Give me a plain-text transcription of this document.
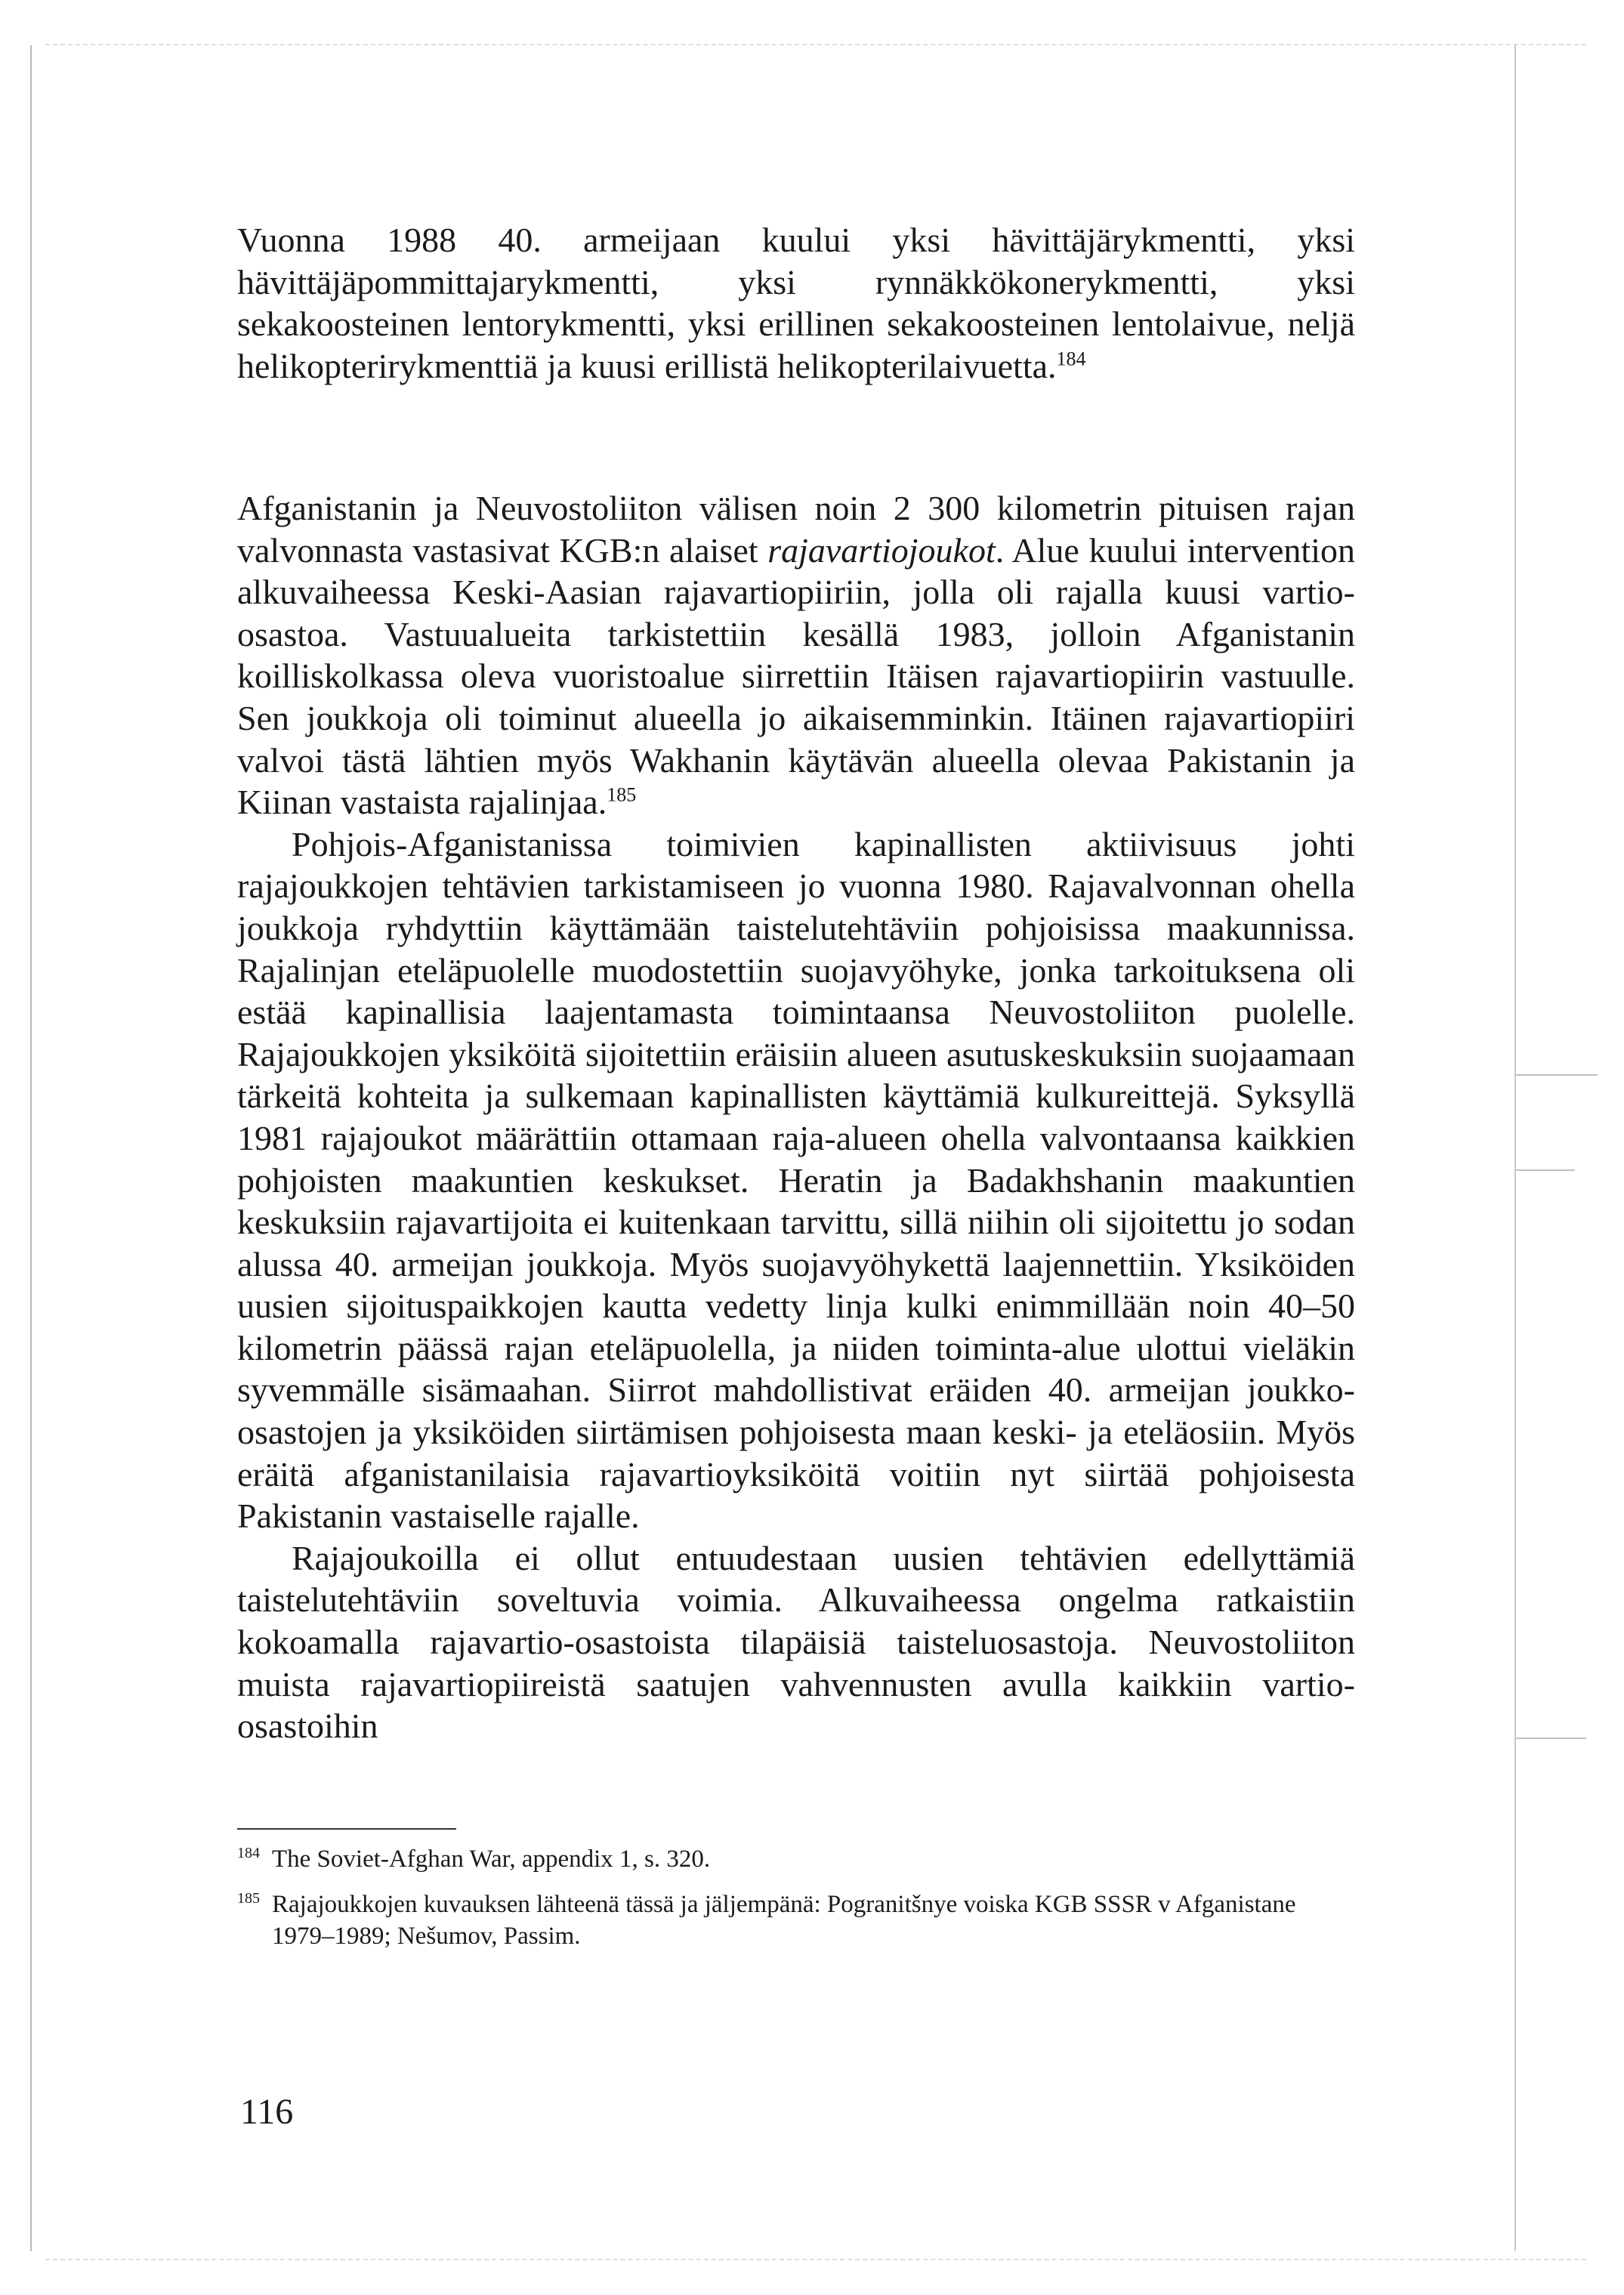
Vuonna 1988 40. armeijaan kuului yksi hävittäjärykmentti, yksi hävittäjäpommittajarykmentti, yksi rynnäkkökonerykmentti, yksi sekakoosteinen lentorykmentti, yksi erillinen sekakoosteinen lentolaivue, neljä helikopterirykmenttiä ja kuusi erillistä helikopterilaivuetta.$^{184}$

Afganistanin ja Neuvostoliiton välisen noin 2 300 kilometrin pituisen rajan valvonnasta vastasivat KGB:n alaiset rajavartiojoukot. Alue kuului intervention alkuvaiheessa Keski-Aasian rajavartiopiiriin, jolla oli rajalla kuusi vartio-osastoa. Vastuualueita tarkistettiin kesällä 1983, jolloin Afganistanin koilliskolkassa oleva vuoristoalue siirrettiin Itäisen rajavartiopiirin vastuulle. Sen joukkoja oli toiminut alueella jo aikaisemminkin. Itäinen rajavartiopiiri valvoi tästä lähtien myös Wakhanin käytävän alueella olevaa Pakistanin ja Kiinan vastaista rajalinjaa.$^{185}$

Pohjois-Afganistanissa toimivien kapinallisten aktiivisuus johti rajajoukkojen tehtävien tarkistamiseen jo vuonna 1980. Rajavalvonnan ohella joukkoja ryhdyttiin käyttämään taistelutehtäviin pohjoisissa maakunnissa. Rajalinjan eteläpuolelle muodostettiin suojavyöhyke, jonka tarkoituksena oli estää kapinallisia laajentamasta toimintaansa Neuvostoliiton puolelle. Rajajoukkojen yksiköitä sijoitettiin eräisiin alueen asutuskeskuksiin suojaamaan tärkeitä kohteita ja sulkemaan kapinallisten käyttämiä kulkureittejä. Syksyllä 1981 rajajoukot määrättiin ottamaan raja-alueen ohella valvontaansa kaikkien pohjoisten maakuntien keskukset. Heratin ja Badakhshanin maakuntien keskuksiin rajavartijoita ei kuitenkaan tarvittu, sillä niihin oli sijoitettu jo sodan alussa 40. armeijan joukkoja. Myös suojavyöhykettä laajennettiin. Yksiköiden uusien sijoituspaikkojen kautta vedetty linja kulki enimmillään noin 40–50 kilometrin päässä rajan eteläpuolella, ja niiden toiminta-alue ulottui vieläkin syvemmälle sisämaahan. Siirrot mahdollistivat eräiden 40. armeijan joukko-osastojen ja yksiköiden siirtämisen pohjoisesta maan keski- ja eteläosiin. Myös eräitä afganistanilaisia rajavartioyksiköitä voitiin nyt siirtää pohjoisesta Pakistanin vastaiselle rajalle.

Rajajoukoilla ei ollut entuudestaan uusien tehtävien edellyttämiä taistelutehtäviin soveltuvia voimia. Alkuvaiheessa ongelma ratkaistiin kokoamalla rajavartio-osastoista tilapäisiä taisteluosastoja. Neuvostoliiton muista rajavartiopiireistä saatujen vahvennusten avulla kaikkiin vartio-osastoihin

$^{184}$ The Soviet-Afghan War, appendix 1, s. 320.

$^{185}$ Rajajoukkojen kuvauksen lähteenä tässä ja jäljempänä: Pogranitšnye voiska KGB SSSR v Afganistane 1979–1989; Nešumov, Passim.

116
